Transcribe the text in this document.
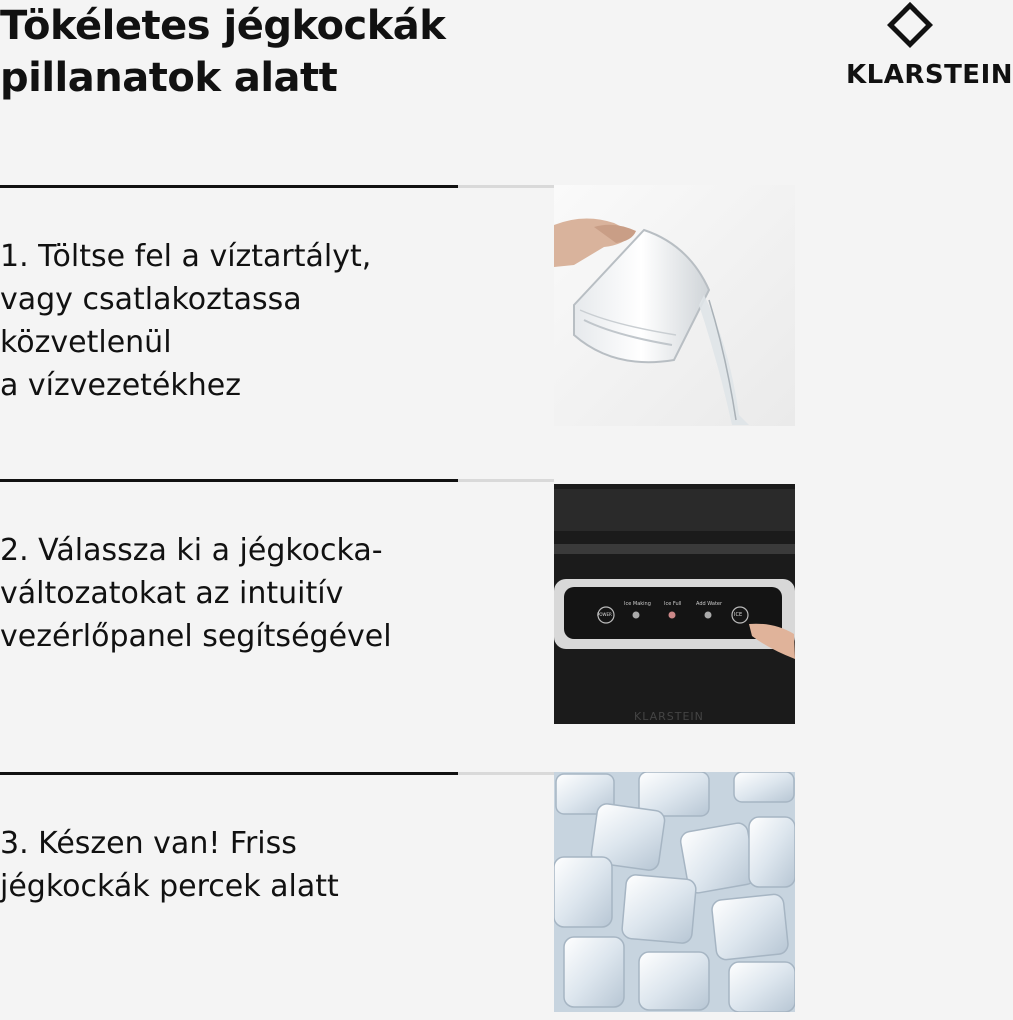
Tökéletes jégkockák
pillanatok alatt	KLARSTEIN

1. Töltse fel a víztartályt,
vagy csatlakoztassa
közvetlenül
a vízvezetékhez

2. Válassza ki a jégkocka-
változatokat az intuitív
vezérlőpanel segítségével

POWER
Ice Making	Ice Full	Add Water
ICE
KLARSTEIN

3. Készen van! Friss
jégkockák percek alatt
